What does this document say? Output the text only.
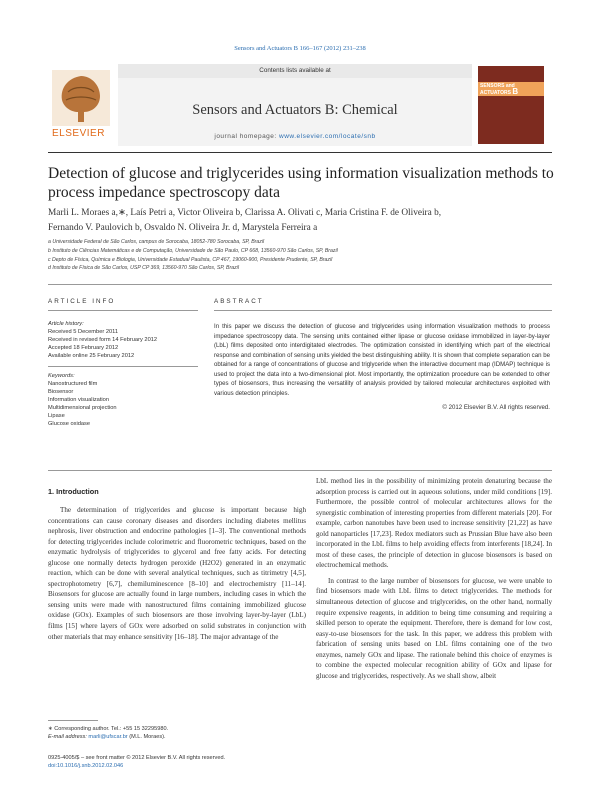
Sensors and Actuators B 166–167 (2012) 231–238
ELSEVIER
Contents lists available at
Sensors and Actuators B: Chemical
journal homepage: www.elsevier.com/locate/snb
SENSORS and ACTUATORS B
Detection of glucose and triglycerides using information visualization methods to process impedance spectroscopy data
Marli L. Moraes a,∗, Laís Petri a, Victor Oliveira b, Clarissa A. Olivati c, Maria Cristina F. de Oliveira b,
Fernando V. Paulovich b, Osvaldo N. Oliveira Jr. d, Marystela Ferreira a
a Universidade Federal de São Carlos, campus de Sorocaba, 18052-780 Sorocaba, SP, Brazil
b Instituto de Ciências Matemáticas e de Computação, Universidade de São Paulo, CP 668, 13560-970 São Carlos, SP, Brazil
c Depto de Física, Química e Biologia, Universidade Estadual Paulista, CP 467, 19060-900, Presidente Prudente, SP, Brazil
d Instituto de Física de São Carlos, USP CP 369, 13560-970 São Carlos, SP, Brazil
ARTICLE INFO
Article history:
Received 5 December 2011
Received in revised form 14 February 2012
Accepted 18 February 2012
Available online 25 February 2012
Keywords:
Nanostructured film
Biosensor
Information visualization
Multidimensional projection
Lipase
Glucose oxidase
ABSTRACT
In this paper we discuss the detection of glucose and triglycerides using information visualization methods to process impedance spectroscopy data. The sensing units contained either lipase or glucose oxidase immobilized in layer-by-layer (LbL) films deposited onto interdigitated electrodes. The optimization consisted in identifying which part of the electrical response and combination of sensing units yielded the best distinguishing ability. It is shown that complete separation can be obtained for a range of concentrations of glucose and triglyceride when the interactive document map (IDMAP) technique is used to project the data into a two-dimensional plot. Most importantly, the optimization procedure can be extended to other types of biosensors, thus increasing the versatility of analysis provided by tailored molecular architectures exploited with various detection principles.
© 2012 Elsevier B.V. All rights reserved.
1. Introduction

The determination of triglycerides and glucose is important because high concentrations can cause coronary diseases and disorders including diabetes mellitus nephrosis, liver obstruction and endocrine pathologies [1–3]. The conventional methods for detecting triglycerides include colorimetric and fluorometric techniques, based on the enzymatic hydrolysis of triglycerides to glycerol and free fatty acids. For detecting glucose one normally detects hydrogen peroxide (H2O2) generated in an enzymatic reaction, which can be done with several analytical techniques, such as titrimetry [4,5], spectrophotometry [6,7], chemiluminescence [8–10] and electrochemistry [11–14]. Biosensors for glucose are actually found in large numbers, including cases in which the sensing units were made with nanostructured films containing immobilized glucose oxidase (GOx). Examples of such biosensors are those involving layer-by-layer (LbL) films [15] where layers of GOx were adsorbed on solid substrates in conjunction with other materials that may enhance sensitivity [16–18]. The major advantage of the

LbL method lies in the possibility of minimizing protein denaturing because the adsorption process is carried out in aqueous solutions, under mild conditions [19]. Furthermore, the possible control of molecular architectures allows for the synergistic combination of interesting properties from different materials [20]. For example, carbon nanotubes have been used to increase sensitivity [21,22] as have gold nanoparticles [17,23]. Redox mediators such as Prussian Blue have also been incorporated in the LbL films to help avoiding effects from interferents [18,24]. In most of these cases, the principle of detection in glucose biosensors is based on electrochemical methods.

In contrast to the large number of biosensors for glucose, we were unable to find biosensors made with LbL films to detect triglycerides. The methods for simultaneous detection of glucose and triglycerides, on the other hand, normally require expensive reagents, in addition to being time consuming and requiring a skilled person to operate the equipment. Therefore, there is demand for low cost, easy-to-use biosensors for the task. In this paper, we address this problem with fabrication of sensing units based on LbL films containing one of the two enzymes, namely GOx and lipase. The rationale behind this choice of enzymes is to combine the expected molecular recognition ability of GOx and lipase for glucose and triglycerides, respectively. As we shall show, albeit

∗ Corresponding author. Tel.: +55 15 32295980.
E-mail address: marli@ufscar.br (M.L. Moraes).
0925-4005/$ – see front matter © 2012 Elsevier B.V. All rights reserved.
doi:10.1016/j.snb.2012.02.046
